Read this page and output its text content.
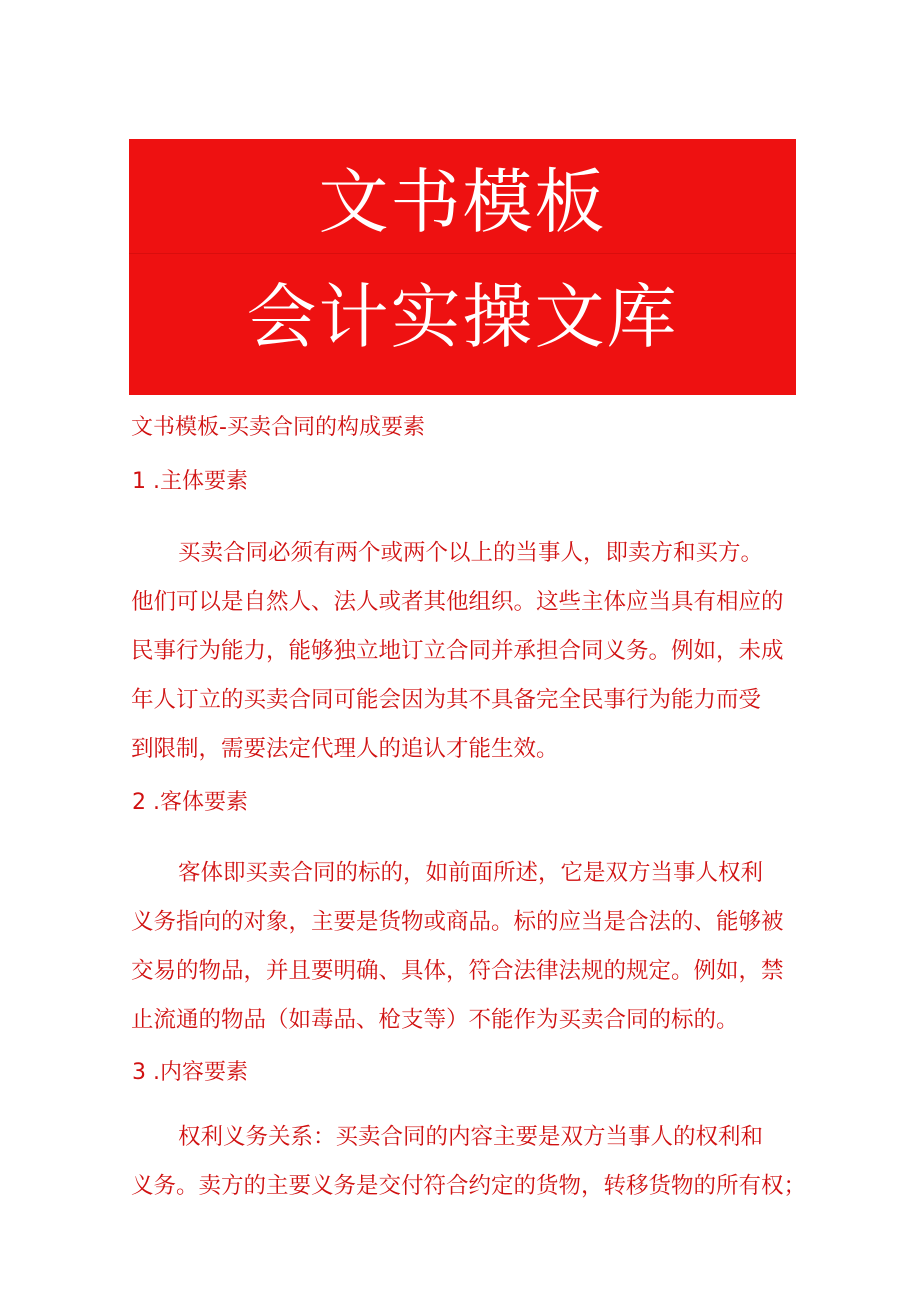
文书模板
会计实操文库
文书模板-买卖合同的构成要素
1 .主体要素
买卖合同必须有两个或两个以上的当事人，即卖方和买方。
他们可以是自然人、法人或者其他组织。这些主体应当具有相应的
民事行为能力，能够独立地订立合同并承担合同义务。例如，未成
年人订立的买卖合同可能会因为其不具备完全民事行为能力而受
到限制，需要法定代理人的追认才能生效。
2 .客体要素
客体即买卖合同的标的，如前面所述，它是双方当事人权利
义务指向的对象，主要是货物或商品。标的应当是合法的、能够被
交易的物品，并且要明确、具体，符合法律法规的规定。例如，禁
止流通的物品（如毒品、枪支等）不能作为买卖合同的标的。
3 .内容要素
权利义务关系：买卖合同的内容主要是双方当事人的权利和
义务。卖方的主要义务是交付符合约定的货物，转移货物的所有权；
